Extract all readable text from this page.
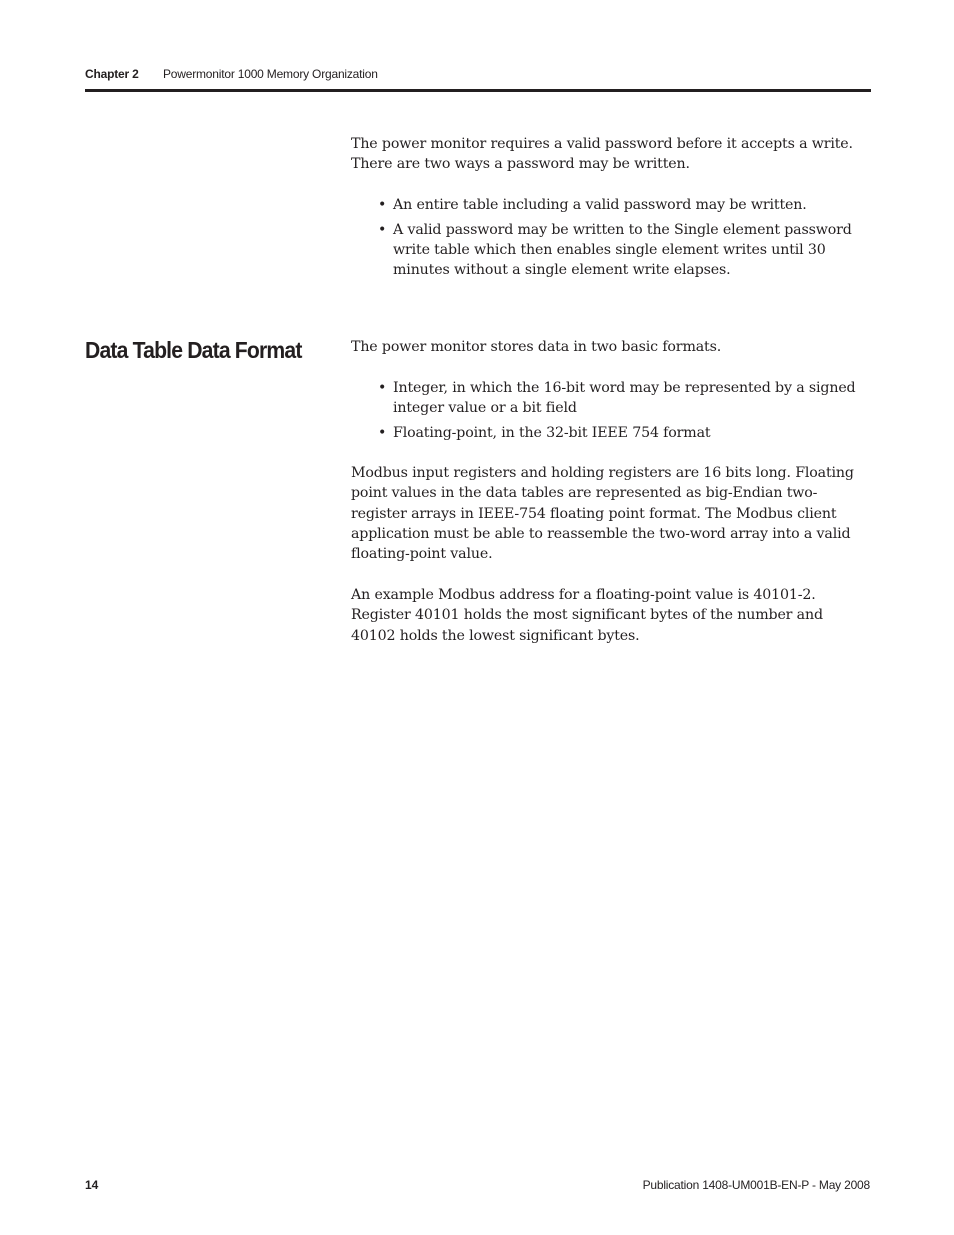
Chapter 2 Powermonitor 1000 Memory Organization
The power monitor requires a valid password before it accepts a write. There are two ways a password may be written.
• An entire table including a valid password may be written.
• A valid password may be written to the Single element password write table which then enables single element writes until 30 minutes without a single element write elapses.
Data Table Data Format	The power monitor stores data in two basic formats.
• Integer, in which the 16-bit word may be represented by a signed integer value or a bit field
• Floating-point, in the 32-bit IEEE 754 format
Modbus input registers and holding registers are 16 bits long. Floating point values in the data tables are represented as big-Endian two-register arrays in IEEE-754 floating point format. The Modbus client application must be able to reassemble the two-word array into a valid floating-point value.
An example Modbus address for a floating-point value is 40101-2. Register 40101 holds the most significant bytes of the number and 40102 holds the lowest significant bytes.
14	Publication 1408-UM001B-EN-P - May 2008
